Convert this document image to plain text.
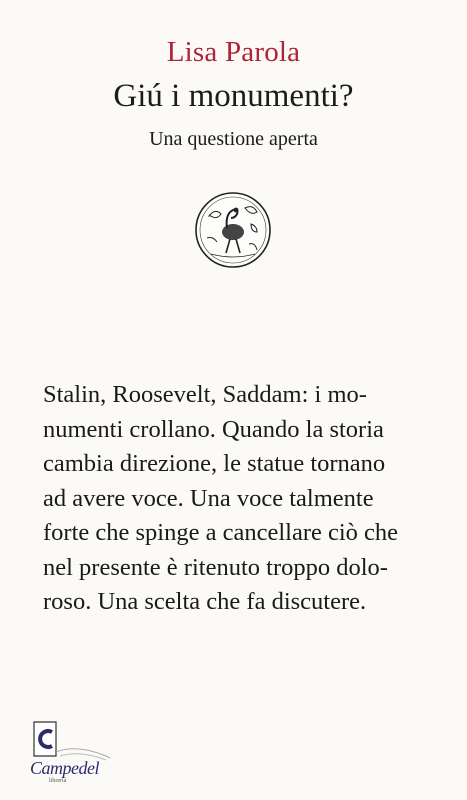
Lisa Parola
Giú i monumenti?
Una questione aperta
Stalin, Roosevelt, Saddam: i mo-
numenti crollano. Quando la storia
cambia direzione, le statue tornano
ad avere voce. Una voce talmente
forte che spinge a cancellare ciò che
nel presente è ritenuto troppo dolo-
roso. Una scelta che fa discutere.
Campedel
libreria
